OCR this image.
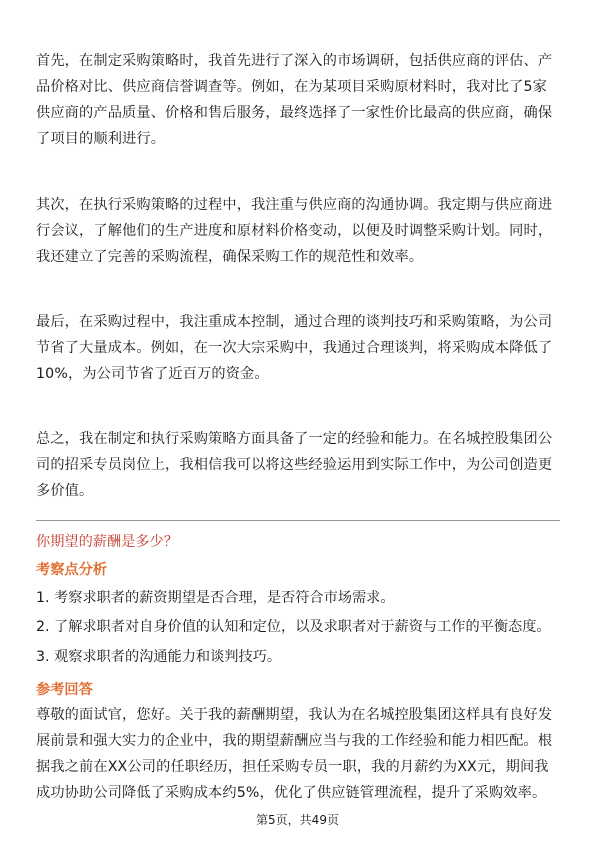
首先，在制定采购策略时，我首先进行了深入的市场调研，包括供应商的评估、产品价格对比、供应商信誉调查等。例如，在为某项目采购原材料时，我对比了5家供应商的产品质量、价格和售后服务，最终选择了一家性价比最高的供应商，确保了项目的顺利进行。

其次，在执行采购策略的过程中，我注重与供应商的沟通协调。我定期与供应商进行会议，了解他们的生产进度和原材料价格变动，以便及时调整采购计划。同时，我还建立了完善的采购流程，确保采购工作的规范性和效率。

最后，在采购过程中，我注重成本控制，通过合理的谈判技巧和采购策略，为公司节省了大量成本。例如，在一次大宗采购中，我通过合理谈判，将采购成本降低了10%，为公司节省了近百万的资金。

总之，我在制定和执行采购策略方面具备了一定的经验和能力。在名城控股集团公司的招采专员岗位上，我相信我可以将这些经验运用到实际工作中，为公司创造更多价值。

你期望的薪酬是多少？

考察点分析

1. 考察求职者的薪资期望是否合理，是否符合市场需求。

2. 了解求职者对自身价值的认知和定位，以及求职者对于薪资与工作的平衡态度。

3. 观察求职者的沟通能力和谈判技巧。

参考回答

尊敬的面试官，您好。关于我的薪酬期望，我认为在名城控股集团这样具有良好发展前景和强大实力的企业中，我的期望薪酬应当与我的工作经验和能力相匹配。根据我之前在XX公司的任职经历，担任采购专员一职，我的月薪约为XX元，期间我成功协助公司降低了采购成本约5%，优化了供应链管理流程，提升了采购效率。

第5页，共49页
